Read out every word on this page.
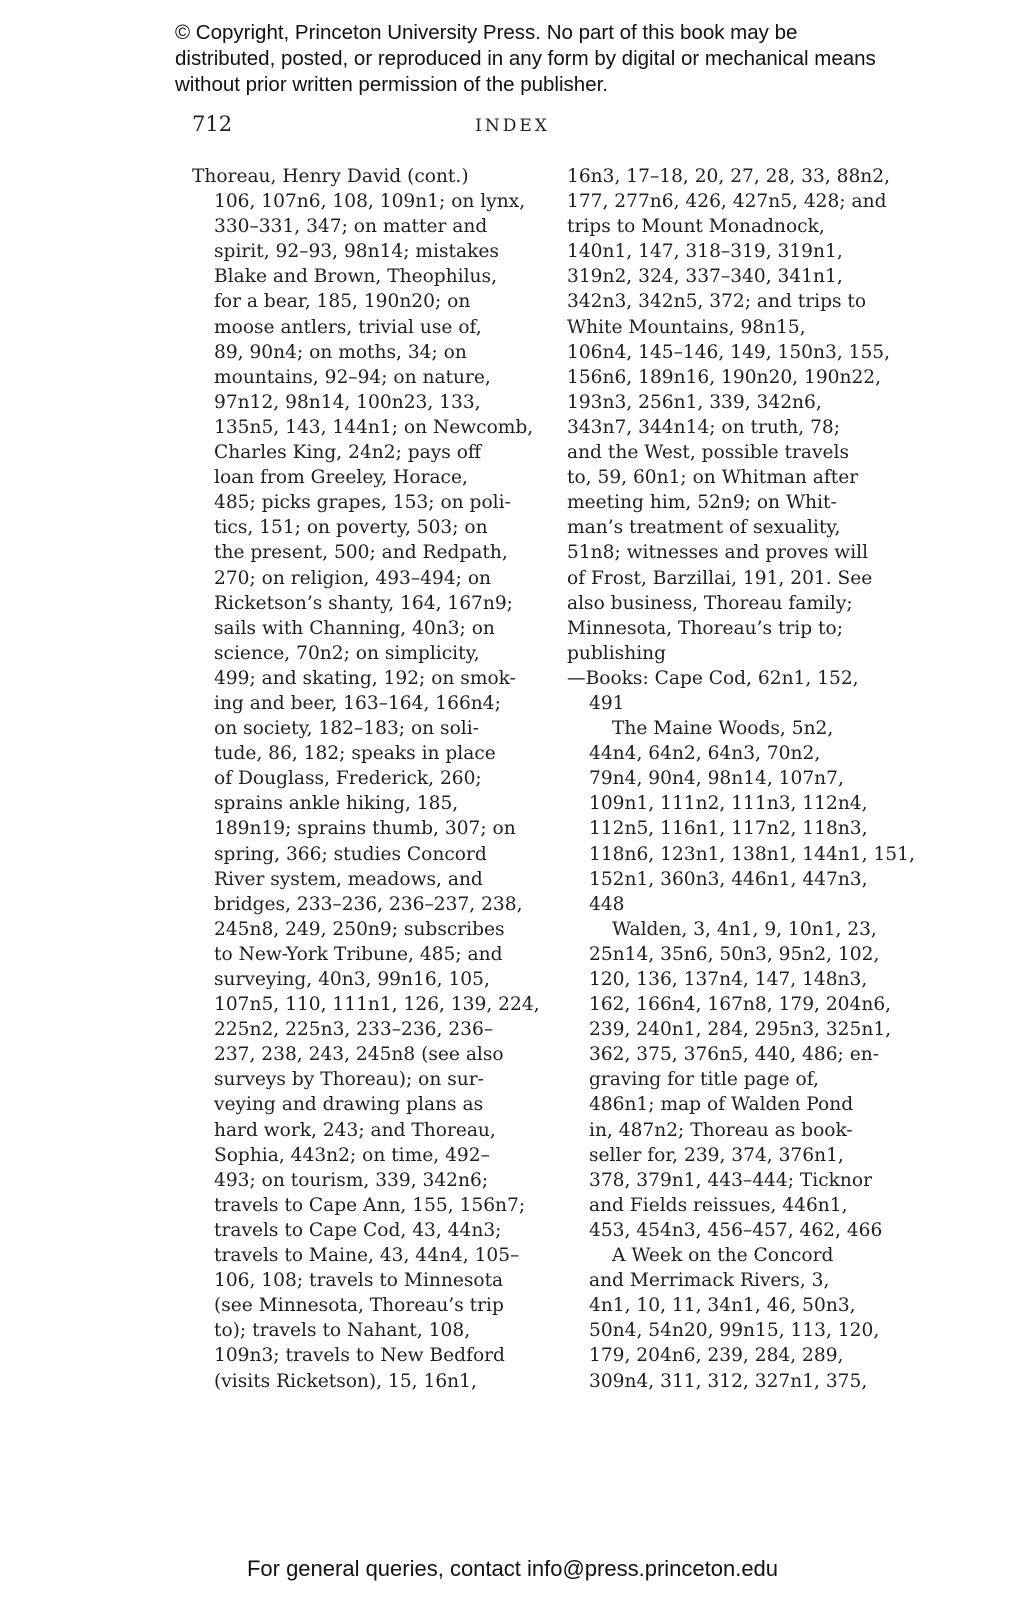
© Copyright, Princeton University Press. No part of this book may be distributed, posted, or reproduced in any form by digital or mechanical means without prior written permission of the publisher.
712	INDEX
Thoreau, Henry David (cont.)
106, 107n6, 108, 109n1; on lynx,
330–331, 347; on matter and
spirit, 92–93, 98n14; mistakes
Blake and Brown, Theophilus,
for a bear, 185, 190n20; on
moose antlers, trivial use of,
89, 90n4; on moths, 34; on
mountains, 92–94; on nature,
97n12, 98n14, 100n23, 133,
135n5, 143, 144n1; on Newcomb,
Charles King, 24n2; pays off
loan from Greeley, Horace,
485; picks grapes, 153; on poli-
tics, 151; on poverty, 503; on
the present, 500; and Redpath,
270; on religion, 493–494; on
Ricketson’s shanty, 164, 167n9;
sails with Channing, 40n3; on
science, 70n2; on simplicity,
499; and skating, 192; on smok-
ing and beer, 163–164, 166n4;
on society, 182–183; on soli-
tude, 86, 182; speaks in place
of Douglass, Frederick, 260;
sprains ankle hiking, 185,
189n19; sprains thumb, 307; on
spring, 366; studies Concord
River system, meadows, and
bridges, 233–236, 236–237, 238,
245n8, 249, 250n9; subscribes
to New-York Tribune, 485; and
surveying, 40n3, 99n16, 105,
107n5, 110, 111n1, 126, 139, 224,
225n2, 225n3, 233–236, 236–
237, 238, 243, 245n8 (see also
surveys by Thoreau); on sur-
veying and drawing plans as
hard work, 243; and Thoreau,
Sophia, 443n2; on time, 492–
493; on tourism, 339, 342n6;
travels to Cape Ann, 155, 156n7;
travels to Cape Cod, 43, 44n3;
travels to Maine, 43, 44n4, 105–
106, 108; travels to Minnesota
(see Minnesota, Thoreau’s trip
to); travels to Nahant, 108,
109n3; travels to New Bedford
(visits Ricketson), 15, 16n1,
16n3, 17–18, 20, 27, 28, 33, 88n2,
177, 277n6, 426, 427n5, 428; and
trips to Mount Monadnock,
140n1, 147, 318–319, 319n1,
319n2, 324, 337–340, 341n1,
342n3, 342n5, 372; and trips to
White Mountains, 98n15,
106n4, 145–146, 149, 150n3, 155,
156n6, 189n16, 190n20, 190n22,
193n3, 256n1, 339, 342n6,
343n7, 344n14; on truth, 78;
and the West, possible travels
to, 59, 60n1; on Whitman after
meeting him, 52n9; on Whit-
man’s treatment of sexuality,
51n8; witnesses and proves will
of Frost, Barzillai, 191, 201. See
also business, Thoreau family;
Minnesota, Thoreau’s trip to;
publishing
—Books: Cape Cod, 62n1, 152,
491
The Maine Woods, 5n2,
44n4, 64n2, 64n3, 70n2,
79n4, 90n4, 98n14, 107n7,
109n1, 111n2, 111n3, 112n4,
112n5, 116n1, 117n2, 118n3,
118n6, 123n1, 138n1, 144n1, 151,
152n1, 360n3, 446n1, 447n3,
448
Walden, 3, 4n1, 9, 10n1, 23,
25n14, 35n6, 50n3, 95n2, 102,
120, 136, 137n4, 147, 148n3,
162, 166n4, 167n8, 179, 204n6,
239, 240n1, 284, 295n3, 325n1,
362, 375, 376n5, 440, 486; en-
graving for title page of,
486n1; map of Walden Pond
in, 487n2; Thoreau as book-
seller for, 239, 374, 376n1,
378, 379n1, 443–444; Ticknor
and Fields reissues, 446n1,
453, 454n3, 456–457, 462, 466
A Week on the Concord
and Merrimack Rivers, 3,
4n1, 10, 11, 34n1, 46, 50n3,
50n4, 54n20, 99n15, 113, 120,
179, 204n6, 239, 284, 289,
309n4, 311, 312, 327n1, 375,
For general queries, contact info@press.princeton.edu
